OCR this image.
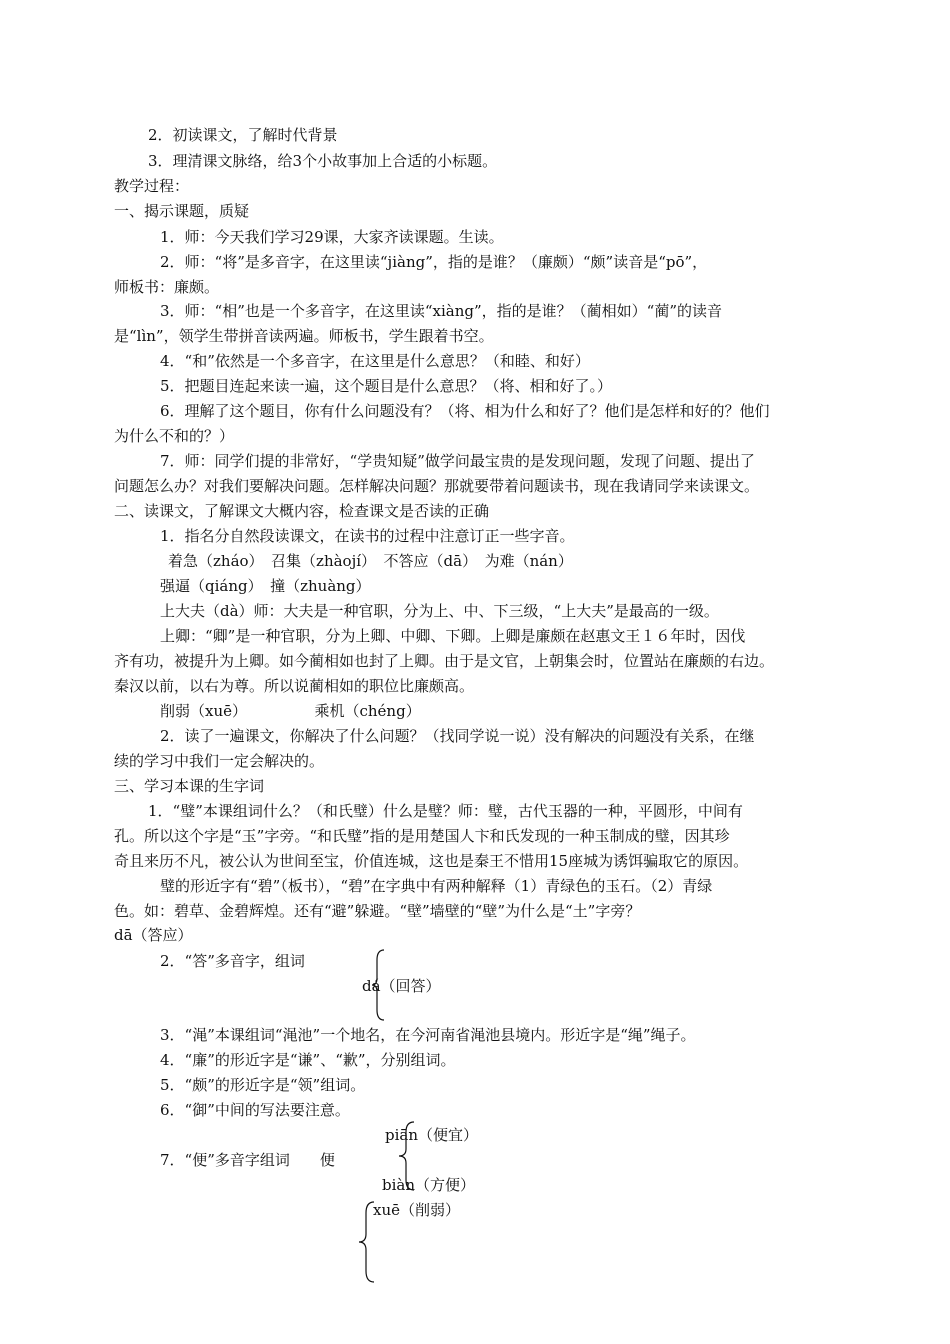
2．初读课文，了解时代背景
3．理清课文脉络，给3个小故事加上合适的小标题。
教学过程：
一、揭示课题，质疑
1．师：今天我们学习29课，大家齐读课题。生读。
2．师：“将”是多音字，在这里读“jiàng”，指的是谁？（廉颇）“颇”读音是“pō”，
师板书：廉颇。
3．师：“相”也是一个多音字，在这里读“xiàng”，指的是谁？（蔺相如）“蔺”的读音
是“lìn”，领学生带拼音读两遍。师板书，学生跟着书空。
4．“和”依然是一个多音字，在这里是什么意思？（和睦、和好）
5．把题目连起来读一遍，这个题目是什么意思？（将、相和好了。）
6．理解了这个题目，你有什么问题没有？（将、相为什么和好了？他们是怎样和好的？他们
为什么不和的？）
7．师：同学们提的非常好，“学贵知疑”做学问最宝贵的是发现问题，发现了问题、提出了
问题怎么办？对我们要解决问题。怎样解决问题？那就要带着问题读书，现在我请同学来读课文。
二、读课文，了解课文大概内容，检查课文是否读的正确
1．指名分自然段读课文，在读书的过程中注意订正一些字音。
着急（zháo）　召集（zhàojí）　不答应（dā）　为难（nán）
强逼（qiáng）　撞（zhuàng）
上大夫（dà）师：大夫是一种官职，分为上、中、下三级，“上大夫”是最高的一级。
上卿：“卿”是一种官职，分为上卿、中卿、下卿。上卿是廉颇在赵惠文王１６年时，因伐
齐有功，被提升为上卿。如今蔺相如也封了上卿。由于是文官，上朝集会时，位置站在廉颇的右边。
秦汉以前，以右为尊。所以说蔺相如的职位比廉颇高。
削弱（xuē）　　　　　乘机（chéng）
2．读了一遍课文，你解决了什么问题？（找同学说一说）没有解决的问题没有关系，在继
续的学习中我们一定会解决的。
三、学习本课的生字词
1．“璧”本课组词什么？（和氏璧）什么是璧？师：璧，古代玉器的一种，平圆形，中间有
孔。所以这个字是“玉”字旁。“和氏璧”指的是用楚国人卞和氏发现的一种玉制成的璧，因其珍
奇且来历不凡，被公认为世间至宝，价值连城，这也是秦王不惜用15座城为诱饵骗取它的原因。
璧的形近字有“碧”（板书），“碧”在字典中有两种解释（1）青绿色的玉石。（2）青绿
色。如：碧草、金碧辉煌。还有“避”躲避。“壁”墙壁的“壁”为什么是“土”字旁？
dā（答应）
2．“答”多音字，组词
dá（回答）
3．“渑”本课组词“渑池”一个地名，在今河南省渑池县境内。形近字是“绳”绳子。
4．“廉”的形近字是“谦”、“歉”，分别组词。
5．“颇”的形近字是“领”组词。
6．“御”中间的写法要注意。
piān（便宜）
7．“便”多音字组词　　便
biàn（方便）
xuē（削弱）
